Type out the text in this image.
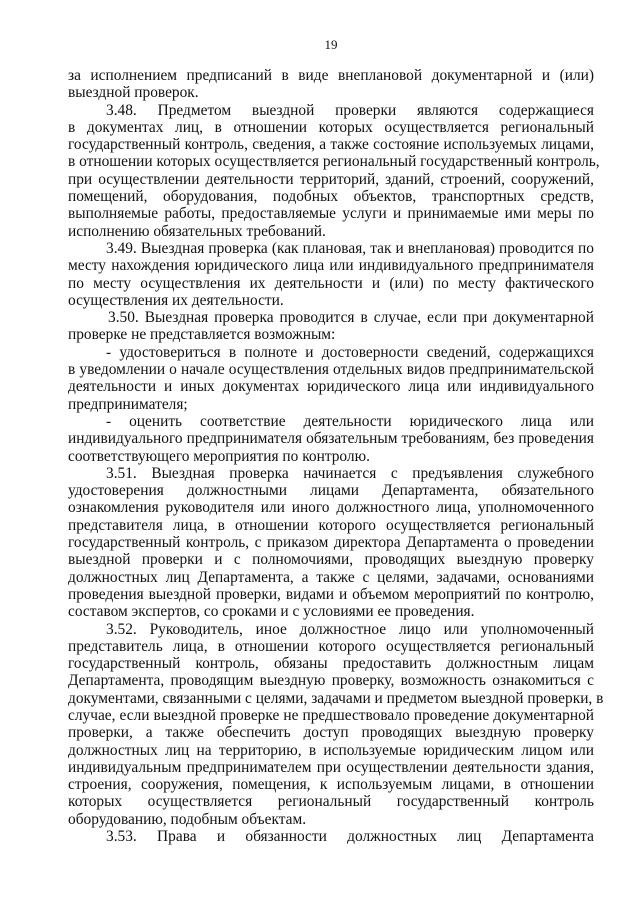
19

за исполнением предписаний в виде внеплановой документарной и (или)
выездной проверок.

3.48. Предметом выездной проверки являются содержащиеся
в документах лиц, в отношении которых осуществляется региональный
государственный контроль, сведения, а также состояние используемых лицами,
в отношении которых осуществляется региональный государственный контроль,
при осуществлении деятельности территорий, зданий, строений, сооружений,
помещений, оборудования, подобных объектов, транспортных средств,
выполняемые работы, предоставляемые услуги и принимаемые ими меры по
исполнению обязательных требований.

3.49. Выездная проверка (как плановая, так и внеплановая) проводится по
месту нахождения юридического лица или индивидуального предпринимателя
по месту осуществления их деятельности и (или) по месту фактического
осуществления их деятельности.

3.50. Выездная проверка проводится в случае, если при документарной
проверке не представляется возможным:

- удостовериться в полноте и достоверности сведений, содержащихся
в уведомлении о начале осуществления отдельных видов предпринимательской
деятельности и иных документах юридического лица или индивидуального
предпринимателя;

- оценить соответствие деятельности юридического лица или
индивидуального предпринимателя обязательным требованиям, без проведения
соответствующего мероприятия по контролю.

3.51. Выездная проверка начинается с предъявления служебного
удостоверения должностными лицами Департамента, обязательного
ознакомления руководителя или иного должностного лица, уполномоченного
представителя лица, в отношении которого осуществляется региональный
государственный контроль, с приказом директора Департамента о проведении
выездной проверки и с полномочиями, проводящих выездную проверку
должностных лиц Департамента, а также с целями, задачами, основаниями
проведения выездной проверки, видами и объемом мероприятий по контролю,
составом экспертов, со сроками и с условиями ее проведения.

3.52. Руководитель, иное должностное лицо или уполномоченный
представитель лица, в отношении которого осуществляется региональный
государственный контроль, обязаны предоставить должностным лицам
Департамента, проводящим выездную проверку, возможность ознакомиться с
документами, связанными с целями, задачами и предметом выездной проверки, в
случае, если выездной проверке не предшествовало проведение документарной
проверки, а также обеспечить доступ проводящих выездную проверку
должностных лиц на территорию, в используемые юридическим лицом или
индивидуальным предпринимателем при осуществлении деятельности здания,
строения, сооружения, помещения, к используемым лицами, в отношении
которых осуществляется региональный государственный контроль
оборудованию, подобным объектам.

3.53. Права и обязанности должностных лиц Департамента
